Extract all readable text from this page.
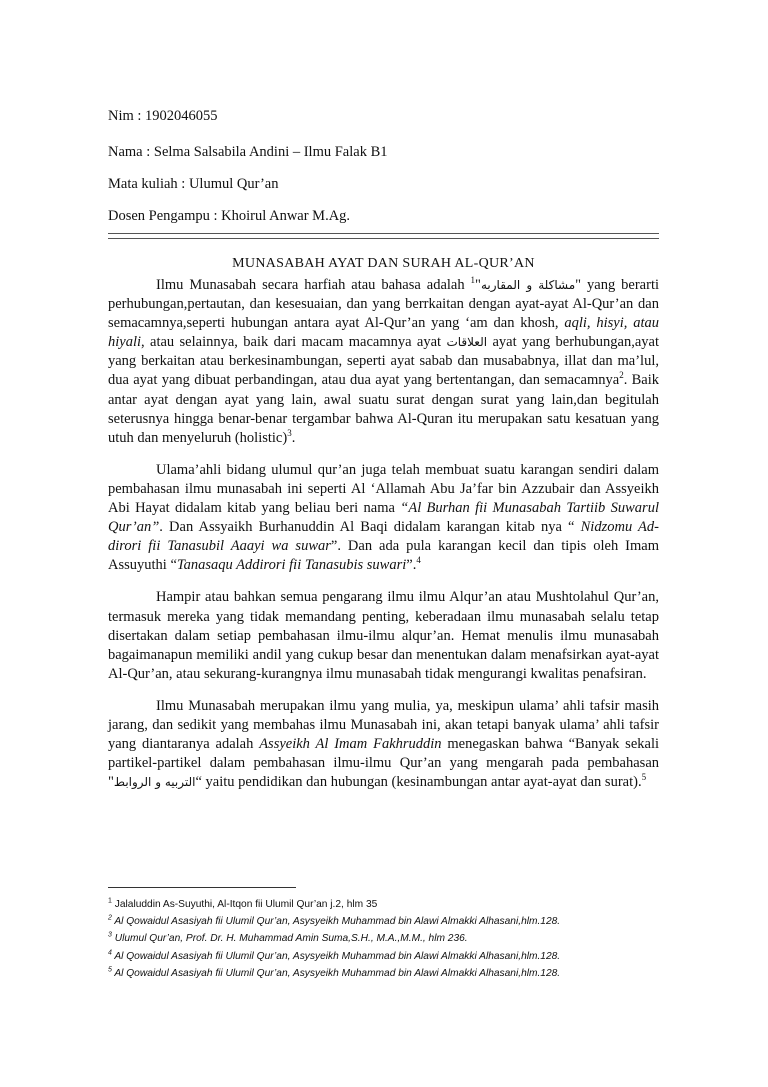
Nim : 1902046055
Nama : Selma Salsabila Andini – Ilmu Falak B1
Mata kuliah : Ulumul Qur’an
Dosen Pengampu : Khoirul Anwar M.Ag.
MUNASABAH AYAT DAN SURAH AL-QUR’AN

Ilmu Munasabah secara harfiah atau bahasa adalah $^1$"مشاكلة و المقاربه" yang berarti perhubungan,pertautan, dan kesesuaian, dan yang berrkaitan dengan ayat-ayat Al-Qur’an dan semacamnya,seperti hubungan antara ayat Al-Qur’an yang ‘am dan khosh, aqli, hisyi, atau hiyali, atau selainnya, baik dari macam macamnya ayat العلاقات ayat yang berhubungan,ayat yang berkaitan atau berkesinambungan, seperti ayat sabab dan musababnya, illat dan ma’lul, dua ayat yang dibuat perbandingan, atau dua ayat yang bertentangan, dan semacamnya$^2$. Baik antar ayat dengan ayat yang lain, awal suatu surat dengan surat yang lain,dan begitulah seterusnya hingga benar-benar tergambar bahwa Al-Quran itu merupakan satu kesatuan yang utuh dan menyeluruh (holistic)$^3$.

Ulama’ahli bidang ulumul qur’an juga telah membuat suatu karangan sendiri dalam pembahasan ilmu munasabah ini seperti Al ‘Allamah Abu Ja’far bin Azzubair dan Assyeikh Abi Hayat didalam kitab yang beliau beri nama “Al Burhan fii Munasabah Tartiib Suwarul Qur’an”. Dan Assyaikh Burhanuddin Al Baqi didalam karangan kitab nya “ Nidzomu Ad-dirori fii Tanasubil Aaayi wa suwar”. Dan ada pula karangan kecil dan tipis oleh Imam Assuyuthi “Tanasaqu Addirori fii Tanasubis suwari”.$^4$

Hampir atau bahkan semua pengarang ilmu ilmu Alqur’an atau Mushtolahul Qur’an, termasuk mereka yang tidak memandang penting, keberadaan ilmu munasabah selalu tetap disertakan dalam setiap pembahasan ilmu-ilmu alqur’an. Hemat menulis ilmu munasabah bagaimanapun memiliki andil yang cukup besar dan menentukan dalam menafsirkan ayat-ayat Al-Qur’an, atau sekurang-kurangnya ilmu munasabah tidak mengurangi kwalitas penafsiran.

Ilmu Munasabah merupakan ilmu yang mulia, ya, meskipun ulama’ ahli tafsir masih jarang, dan sedikit yang membahas ilmu Munasabah ini, akan tetapi banyak ulama’ ahli tafsir yang diantaranya adalah Assyeikh Al Imam Fakhruddin menegaskan bahwa “Banyak sekali partikel-partikel dalam pembahasan ilmu-ilmu Qur’an yang mengarah pada pembahasan "التربيه و الروابط“ yaitu pendidikan dan hubungan (kesinambungan antar ayat-ayat dan surat).$^5$

$^1$ Jalaluddin As-Suyuthi, Al-Itqon fii Ulumil Qur’an j.2, hlm 35
$^2$ Al Qowaidul Asasiyah fii Ulumil Qur’an, Asysyeikh Muhammad bin Alawi Almakki Alhasani,hlm.128.
$^3$ Ulumul Qur’an, Prof. Dr. H. Muhammad Amin Suma,S.H., M.A.,M.M., hlm 236.
$^4$ Al Qowaidul Asasiyah fii Ulumil Qur’an, Asysyeikh Muhammad bin Alawi Almakki Alhasani,hlm.128.
$^5$ Al Qowaidul Asasiyah fii Ulumil Qur’an, Asysyeikh Muhammad bin Alawi Almakki Alhasani,hlm.128.
